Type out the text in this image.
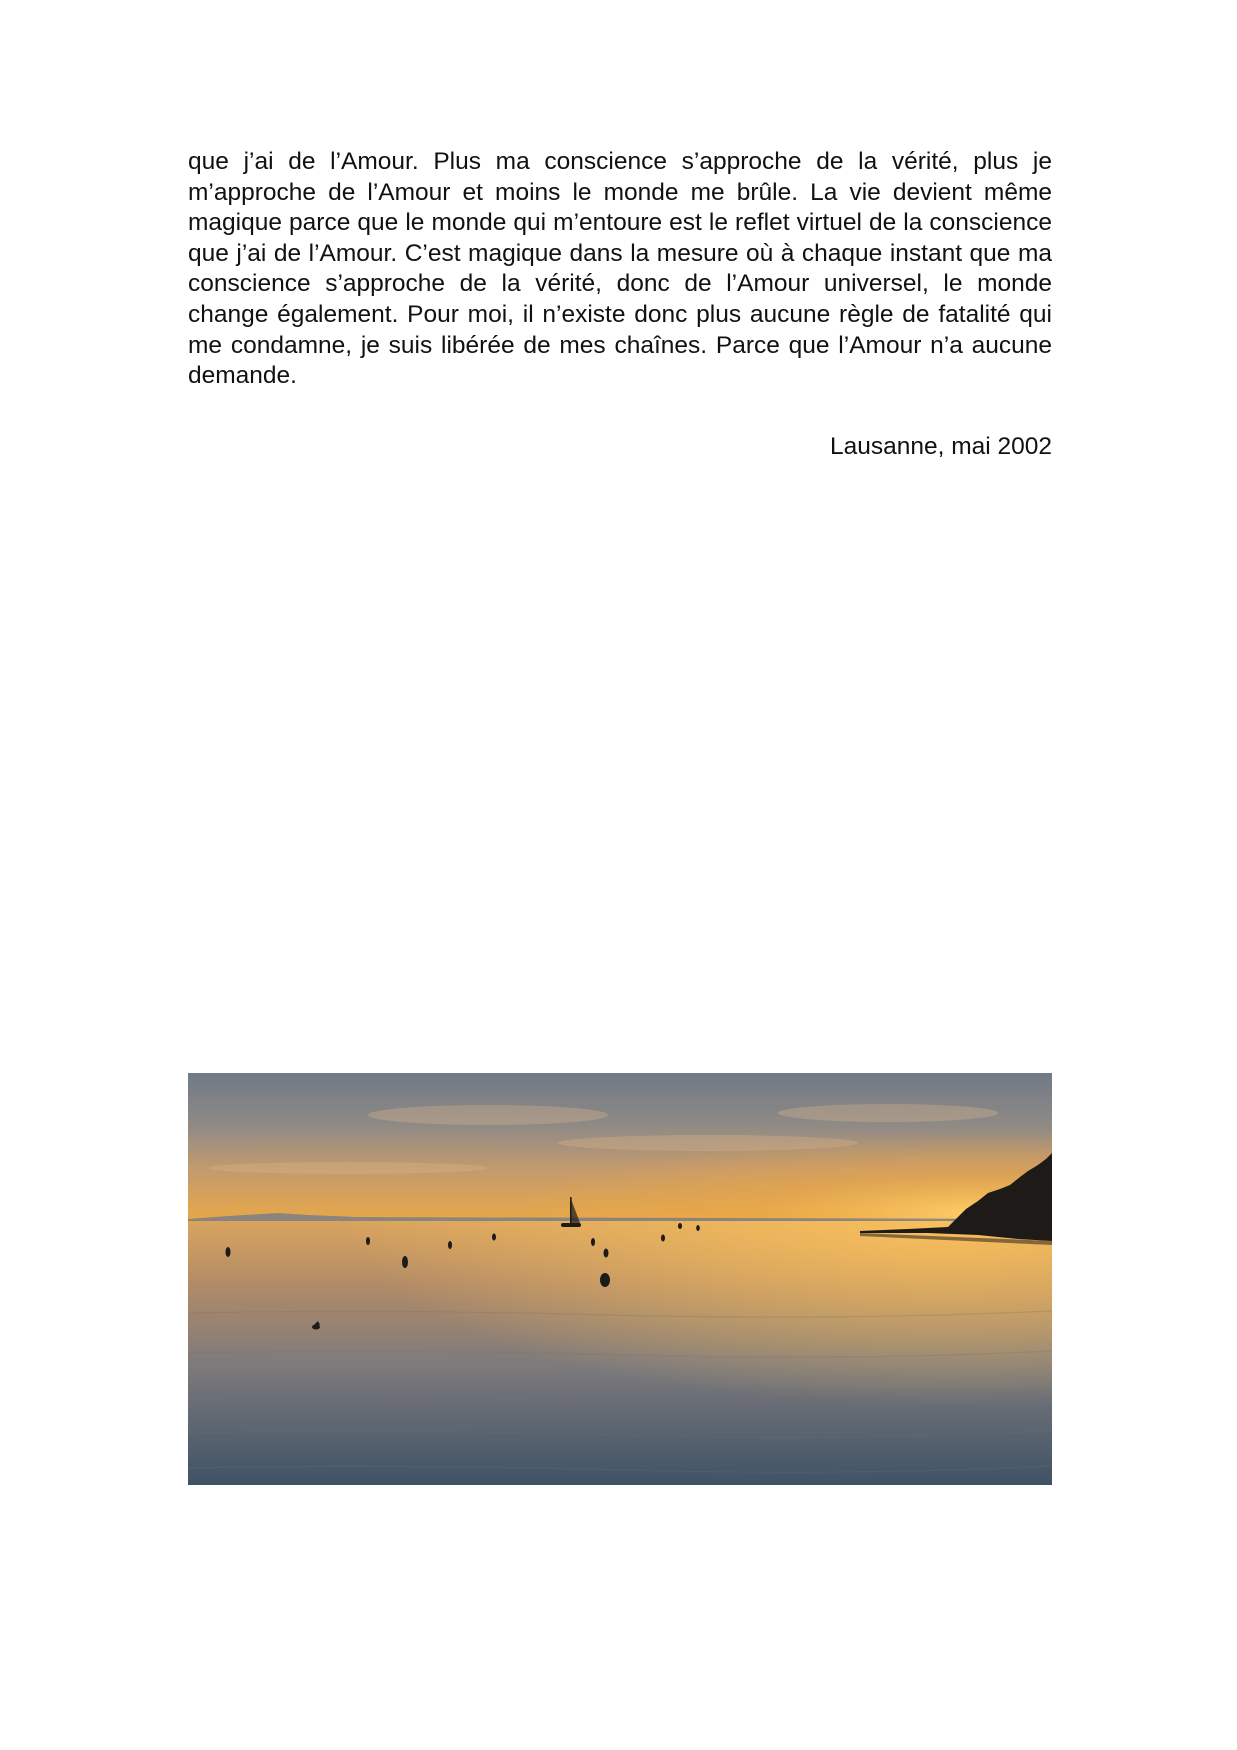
que j’ai de l’Amour. Plus ma conscience s’approche de la vérité, plus je m’approche de l’Amour et moins le monde me brûle. La vie devient même magique parce que le monde qui m’entoure est le reflet virtuel de la conscience que j’ai de l’Amour. C’est magique dans la mesure où à chaque instant que ma conscience s’approche de la vérité, donc de l’Amour universel, le monde change également. Pour moi, il n’existe donc plus aucune règle de fatalité qui me condamne, je suis libérée de mes chaînes. Parce que l’Amour n’a aucune demande.

Lausanne, mai 2002
